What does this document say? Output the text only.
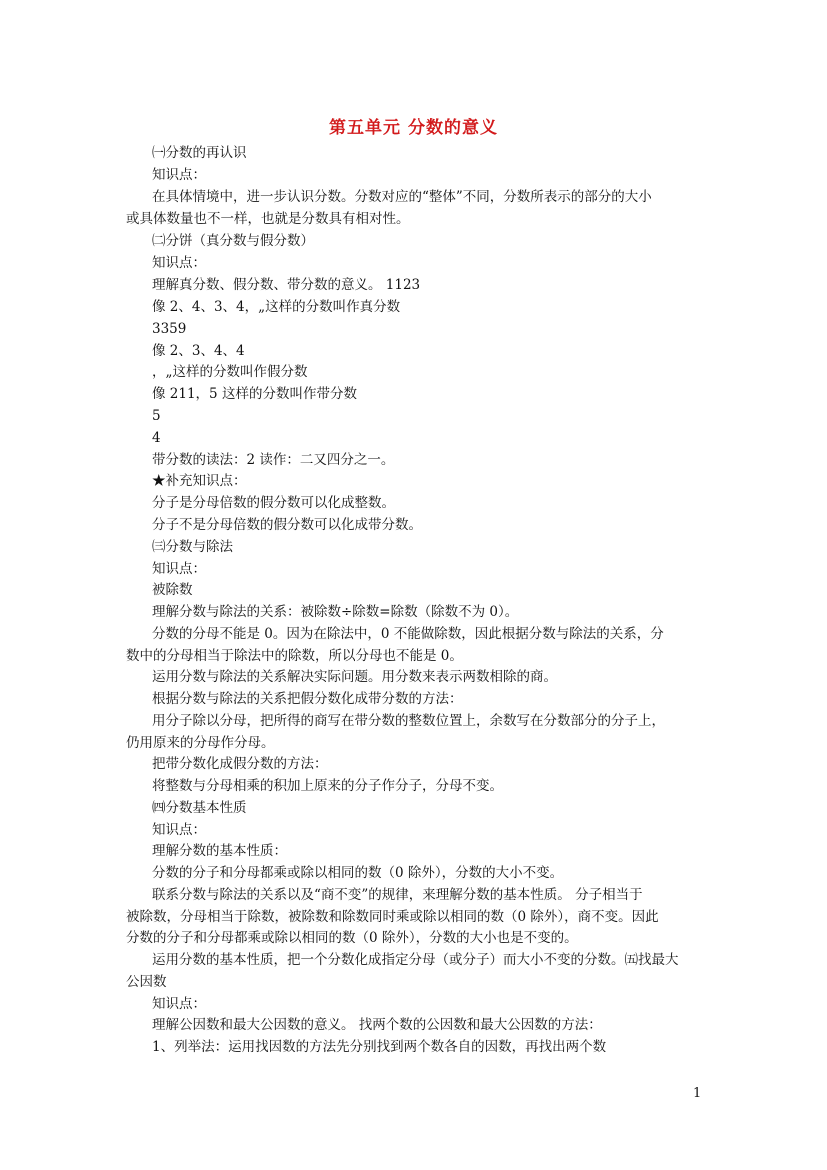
第五单元 分数的意义
㈠分数的再认识
知识点：
在具体情境中，进一步认识分数。分数对应的“整体”不同，分数所表示的部分的大小
或具体数量也不一样，也就是分数具有相对性。
㈡分饼（真分数与假分数）
知识点：
理解真分数、假分数、带分数的意义。 1123
像 2、4、3、4，„这样的分数叫作真分数
3359
像 2、3、4、4
，„这样的分数叫作假分数
像 211，5 这样的分数叫作带分数
5
4
带分数的读法：2 读作：二又四分之一。
★补充知识点：
分子是分母倍数的假分数可以化成整数。
分子不是分母倍数的假分数可以化成带分数。
㈢分数与除法
知识点：
被除数
理解分数与除法的关系：被除数÷除数=除数（除数不为 0）。
分数的分母不能是 0。因为在除法中，0 不能做除数，因此根据分数与除法的关系，分
数中的分母相当于除法中的除数，所以分母也不能是 0。
运用分数与除法的关系解决实际问题。用分数来表示两数相除的商。
根据分数与除法的关系把假分数化成带分数的方法：
用分子除以分母，把所得的商写在带分数的整数位置上，余数写在分数部分的分子上，
仍用原来的分母作分母。
把带分数化成假分数的方法：
将整数与分母相乘的积加上原来的分子作分子，分母不变。
㈣分数基本性质
知识点：
理解分数的基本性质：
分数的分子和分母都乘或除以相同的数（0 除外），分数的大小不变。
联系分数与除法的关系以及“商不变”的规律，来理解分数的基本性质。 分子相当于
被除数，分母相当于除数，被除数和除数同时乘或除以相同的数（0 除外），商不变。因此
分数的分子和分母都乘或除以相同的数（0 除外），分数的大小也是不变的。
运用分数的基本性质，把一个分数化成指定分母（或分子）而大小不变的分数。㈤找最大
公因数
知识点：
理解公因数和最大公因数的意义。 找两个数的公因数和最大公因数的方法：
1、列举法：运用找因数的方法先分别找到两个数各自的因数，再找出两个数
1
